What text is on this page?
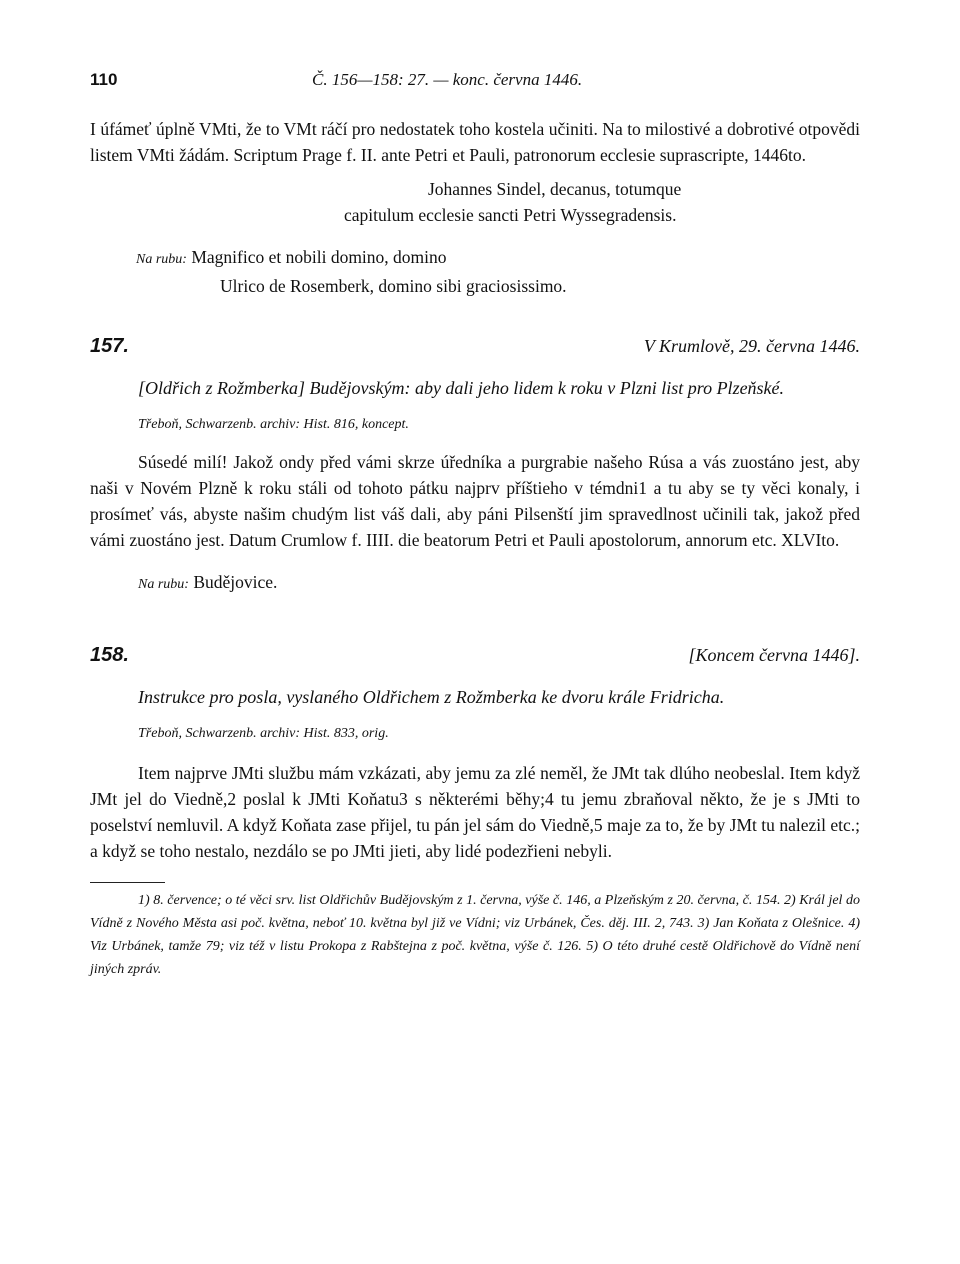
110	Č. 156—158: 27. — konc. června 1446.

I úfámeť úplně VMti, že to VMt ráčí pro nedostatek toho kostela učiniti. Na to milostivé a dobrotivé otpovědi listem VMti žádám. Scriptum Prage f. II. ante Petri et Pauli, patronorum ecclesie suprascripte, 1446to.

Johannes Sindel, decanus, totumque
capitulum ecclesie sancti Petri Wyssegradensis.
Na rubu: Magnifico et nobili domino, domino
Ulrico de Rosemberk, domino sibi graciosissimo.
157.	V Krumlově, 29. června 1446.

[Oldřich z Rožmberka] Budějovským: aby dali jeho lidem k roku v Plzni list pro Plzeňské.

Třeboň, Schwarzenb. archiv: Hist. 816, koncept.

Súsedé milí! Jakož ondy před vámi skrze úředníka a purgrabie našeho Rúsa a vás zuostáno jest, aby naši v Novém Plzně k roku stáli od tohoto pátku najprv příštieho v témdni1 a tu aby se ty věci konaly, i prosímeť vás, abyste našim chudým list váš dali, aby páni Pilsenští jim spravedlnost učinili tak, jakož před vámi zuostáno jest. Datum Crumlow f. IIII. die beatorum Petri et Pauli apostolorum, annorum etc. XLVIto.

Na rubu: Budějovice.
158.	[Koncem června 1446].

Instrukce pro posla, vyslaného Oldřichem z Rožmberka ke dvoru krále Fridricha.

Třeboň, Schwarzenb. archiv: Hist. 833, orig.

Item najprve JMti službu mám vzkázati, aby jemu za zlé neměl, že JMt tak dlúho neobeslal. Item když JMt jel do Viedně,2 poslal k JMti Koňatu3 s některémi běhy;4 tu jemu zbraňoval někto, že je s JMti to poselství nemluvil. A když Koňata zase přijel, tu pán jel sám do Viedně,5 maje za to, že by JMt tu nalezil etc.; a když se toho nestalo, nezdálo se po JMti jieti, aby lidé podezřieni nebyli.

1) 8. července; o té věci srv. list Oldřichův Budějovským z 1. června, výše č. 146, a Plzeňským z 20. června, č. 154. 2) Král jel do Vídně z Nového Města asi poč. května, neboť 10. května byl již ve Vídni; viz Urbánek, Čes. děj. III. 2, 743. 3) Jan Koňata z Olešnice. 4) Viz Urbánek, tamže 79; viz též v listu Prokopa z Rabštejna z poč. května, výše č. 126. 5) O této druhé cestě Oldřichově do Vídně není jiných zpráv.
